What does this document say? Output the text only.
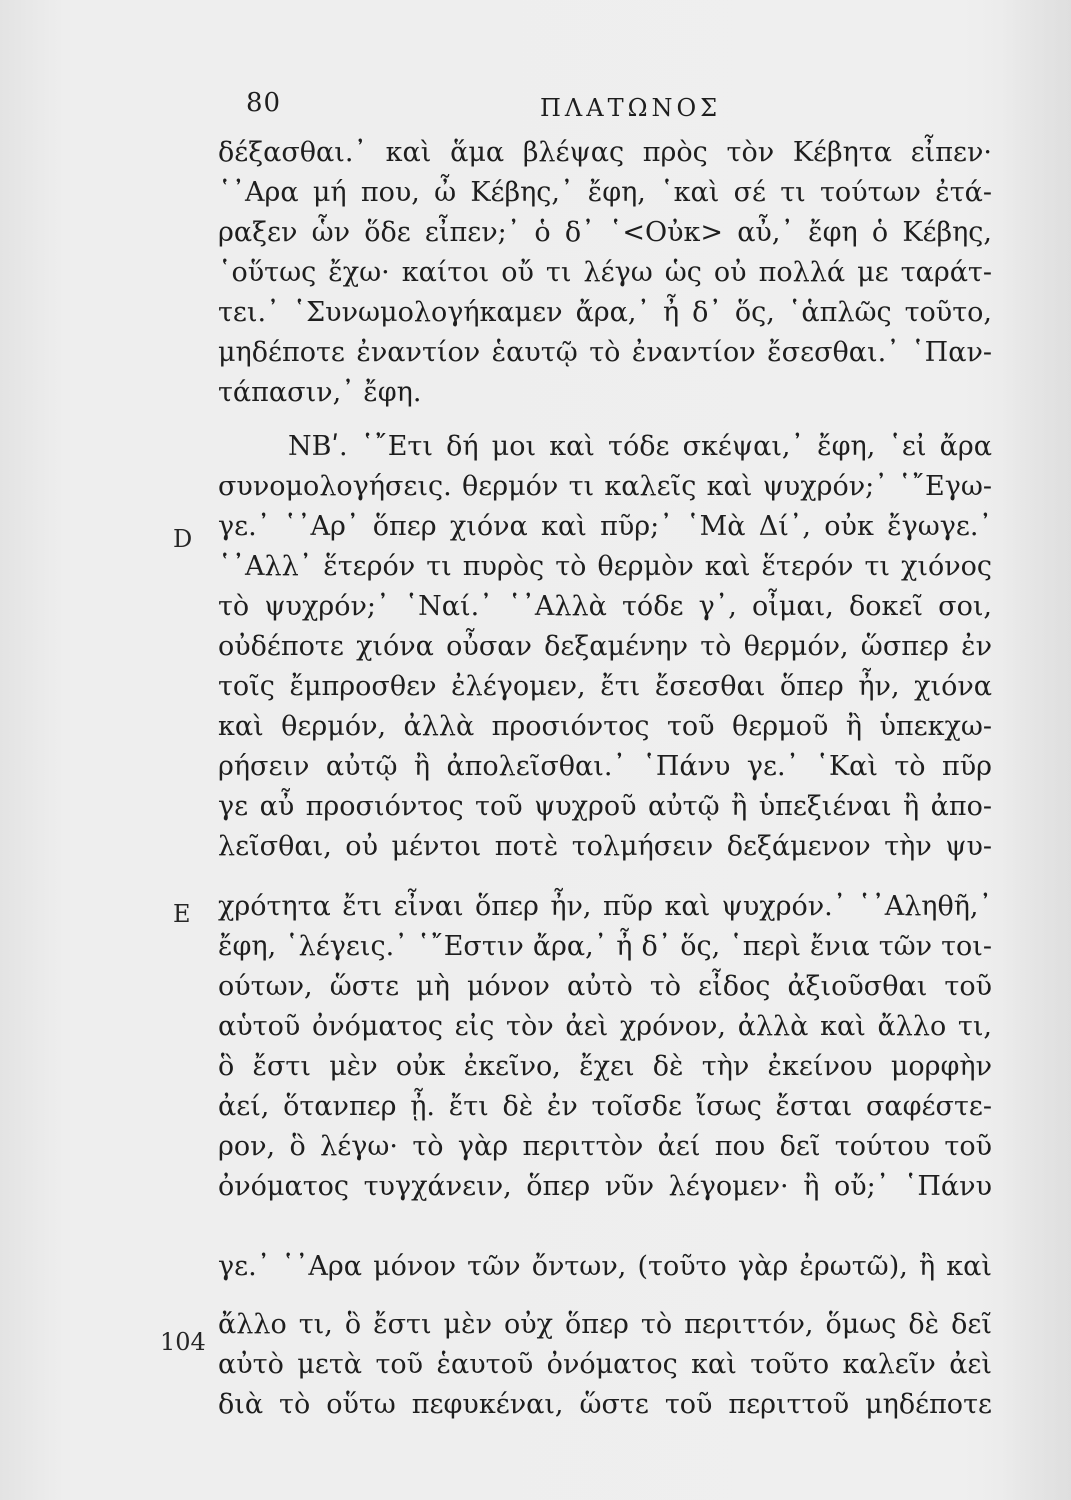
80	ΠΛΑΤΩΝΟΣ
D
E
104
δέξασθαι.᾿ καὶ ἅμα βλέψας πρὸς τὸν Κέβητα εἶπεν·
῾᾽Αρα μή που, ὦ Κέβης,᾿ ἔφη, ῾καὶ σέ τι τούτων ἐτά-
ραξεν ὧν ὅδε εἶπεν;᾿ ὁ δ᾿ ῾<Οὐκ> αὖ,᾿ ἔφη ὁ Κέβης,
῾οὕτως ἔχω· καίτοι οὔ τι λέγω ὡς οὐ πολλά με ταράτ-
τει.᾿ ῾Συνωμολογήκαμεν ἄρα,᾿ ἦ δ᾿ ὅς, ῾ἁπλῶς τοῦτο,
μηδέποτε ἐναντίον ἑαυτῷ τὸ ἐναντίον ἔσεσθαι.᾿ ῾Παν-
τάπασιν,᾿ ἔφη.
ΝΒʹ. ῾῎Ετι δή μοι καὶ τόδε σκέψαι,᾿ ἔφη, ῾εἰ ἄρα
συνομολογήσεις. θερμόν τι καλεῖς καὶ ψυχρόν;᾿ ῾῎Εγω-
γε.᾿ ῾᾽Αρ᾿ ὅπερ χιόνα καὶ πῦρ;᾿ ῾Μὰ Δί᾿, οὐκ ἔγωγε.᾿
῾᾽Αλλ᾿ ἕτερόν τι πυρὸς τὸ θερμὸν καὶ ἕτερόν τι χιόνος
τὸ ψυχρόν;᾿ ῾Ναί.᾿ ῾᾽Αλλὰ τόδε γ᾿, οἶμαι, δοκεῖ σοι,
οὐδέποτε χιόνα οὖσαν δεξαμένην τὸ θερμόν, ὥσπερ ἐν
τοῖς ἔμπροσθεν ἐλέγομεν, ἔτι ἔσεσθαι ὅπερ ἦν, χιόνα
καὶ θερμόν, ἀλλὰ προσιόντος τοῦ θερμοῦ ἢ ὑπεκχω-
ρήσειν αὐτῷ ἢ ἀπολεῖσθαι.᾿ ῾Πάνυ γε.᾿ ῾Καὶ τὸ πῦρ
γε αὖ προσιόντος τοῦ ψυχροῦ αὐτῷ ἢ ὑπεξιέναι ἢ ἀπο-
λεῖσθαι, οὐ μέντοι ποτὲ τολμήσειν δεξάμενον τὴν ψυ-
χρότητα ἔτι εἶναι ὅπερ ἦν, πῦρ καὶ ψυχρόν.᾿ ῾᾽Αληθῆ,᾿
ἔφη, ῾λέγεις.᾿ ῾῎Εστιν ἄρα,᾿ ἦ δ᾿ ὅς, ῾περὶ ἔνια τῶν τοι-
ούτων, ὥστε μὴ μόνον αὐτὸ τὸ εἶδος ἀξιοῦσθαι τοῦ
αὑτοῦ ὀνόματος εἰς τὸν ἀεὶ χρόνον, ἀλλὰ καὶ ἄλλο τι,
ὃ ἔστι μὲν οὐκ ἐκεῖνο, ἔχει δὲ τὴν ἐκείνου μορφὴν
ἀεί, ὅτανπερ ᾖ. ἔτι δὲ ἐν τοῖσδε ἴσως ἔσται σαφέστε-
ρον, ὃ λέγω· τὸ γὰρ περιττὸν ἀεί που δεῖ τούτου τοῦ
ὀνόματος τυγχάνειν, ὅπερ νῦν λέγομεν· ἢ οὔ;᾿ ῾Πάνυ
γε.᾿ ῾᾽Αρα μόνον τῶν ὄντων, (τοῦτο γὰρ ἐρωτῶ), ἢ καὶ
ἄλλο τι, ὃ ἔστι μὲν οὐχ ὅπερ τὸ περιττόν, ὅμως δὲ δεῖ
αὐτὸ μετὰ τοῦ ἑαυτοῦ ὀνόματος καὶ τοῦτο καλεῖν ἀεὶ
διὰ τὸ οὕτω πεφυκέναι, ὥστε τοῦ περιττοῦ μηδέποτε
